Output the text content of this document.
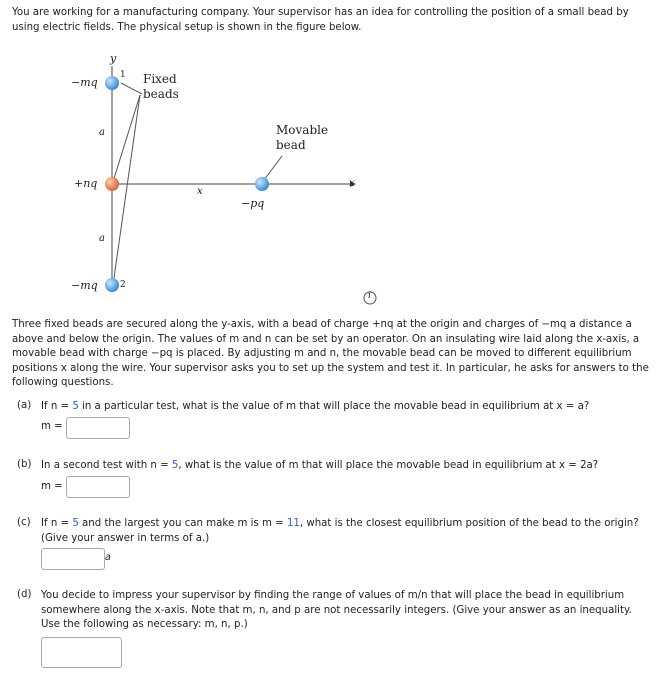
You are working for a manufacturing company. Your supervisor has an idea for controlling the position of a small bead by using electric fields. The physical setup is shown in the figure below.
y
1
−mq	Fixed
beads
a	Movable
bead
+nq	x
x
−pq
a
2
−mq
i
Three fixed beads are secured along the y-axis, with a bead of charge +nq at the origin and charges of −mq a distance a above and below the origin. The values of m and n can be set by an operator. On an insulating wire laid along the x-axis, a movable bead with charge −pq is placed. By adjusting m and n, the movable bead can be moved to different equilibrium positions x along the wire. Your supervisor asks you to set up the system and test it. In particular, he asks for answers to the following questions.
(a) If n = 5 in a particular test, what is the value of m that will place the movable bead in equilibrium at x = a?
m =
(b) In a second test with n = 5, what is the value of m that will place the movable bead in equilibrium at x = 2a?
m =
(c) If n = 5 and the largest you can make m is m = 11, what is the closest equilibrium position of the bead to the origin?
(Give your answer in terms of a.)
a
(d) You decide to impress your supervisor by finding the range of values of m/n that will place the bead in equilibrium somewhere along the x-axis. Note that m, n, and p are not necessarily integers. (Give your answer as an inequality. Use the following as necessary: m, n, p.)
